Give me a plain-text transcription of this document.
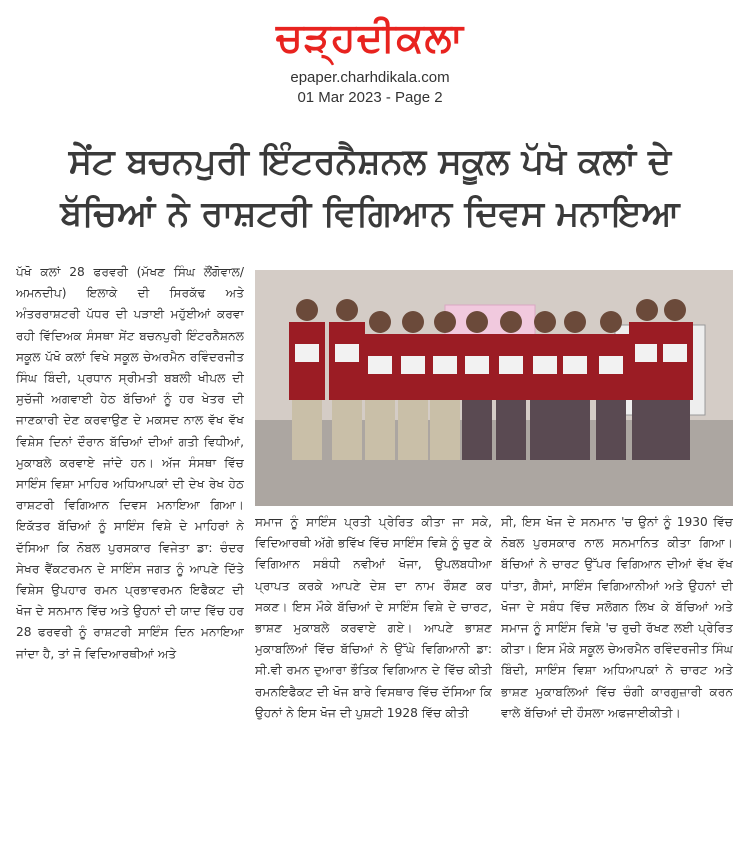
ਚੜ੍ਹਦੀਕਲਾ
epaper.charhdikala.com
01 Mar 2023 - Page 2
ਸੇਂਟ ਬਚਨਪੁਰੀ ਇੰਟਰਨੈਸ਼ਨਲ ਸਕੂਲ ਪੱਖੋ ਕਲਾਂ ਦੇ
ਬੱਚਿਆਂ ਨੇ ਰਾਸ਼ਟਰੀ ਵਿਗਿਆਨ ਦਿਵਸ ਮਨਾਇਆ
ਪੱਖੋ ਕਲਾਂ 28 ਫਰਵਰੀ (ਮੱਖਣ ਸਿੰਘ ਲੌਂਗੋਵਾਲ/ਅਮਨਦੀਪ) ਇਲਾਕੇ ਦੀ ਸਿਰਕੱਢ ਅਤੇ ਅੰਤਰਰਾਸ਼ਟਰੀ ਪੱਧਰ ਦੀ ਪੜਾਈ ਮਹੁੱਈਆਂ ਕਰਵਾ ਰਹੀ ਵਿੱਦਿਅਕ ਸੰਸਥਾ ਸੇਂਟ ਬਚਨਪੁਰੀ ਇੰਟਰਨੈਸ਼ਨਲ ਸਕੂਲ ਪੱਖੋ ਕਲਾਂ ਵਿਖੇ ਸਕੂਲ ਚੇਅਰਮੈਨ ਰਵਿੰਦਰਜੀਤ ਸਿੰਘ ਬਿੰਦੀ, ਪ੍ਰਧਾਨ ਸ੍ਰੀਮਤੀ ਬਬਲੀ ਖੀਪਲ ਦੀ ਸੁਚੱਜੀ ਅਗਵਾਈ ਹੇਠ ਬੱਚਿਆਂ ਨੂੰ ਹਰ ਖੇਤਰ ਦੀ ਜਾਣਕਾਰੀ ਦੇਣ ਕਰਵਾਉਣ ਦੇ ਮਕਸਦ ਨਾਲ ਵੱਖ ਵੱਖ ਵਿਸ਼ੇਸ ਦਿਨਾਂ ਦੌਰਾਨ ਬੱਚਿਆਂ ਦੀਆਂ ਗਤੀ ਵਿਧੀਆਂ, ਮੁਕਾਬਲੇ ਕਰਵਾਏ ਜਾਂਦੇ ਹਨ। ਅੱਜ ਸੰਸਥਾ ਵਿੱਚ ਸਾਇੰਸ ਵਿਸ਼ਾ ਮਾਹਿਰ ਅਧਿਆਪਕਾਂ ਦੀ ਦੇਖ ਰੇਖ ਹੇਠ ਰਾਸ਼ਟਰੀ ਵਿਗਿਆਨ ਦਿਵਸ ਮਨਾਇਆ ਗਿਆ। ਇਕੱਤਰ ਬੱਚਿਆਂ ਨੂੰ ਸਾਇੰਸ ਵਿਸ਼ੇ ਦੇ ਮਾਹਿਰਾਂ ਨੇ ਦੱਸਿਆ ਕਿ ਨੋਬਲ ਪੁਰਸਕਾਰ ਵਿਜੇਤਾ ਡਾ: ਚੰਦਰ ਸੇਖਰ ਵੈਂਕਟਰਮਨ ਦੇ ਸਾਇੰਸ ਜਗਤ ਨੂੰ ਆਪਣੇ ਦਿੱਤੇ ਵਿਸ਼ੇਸ ਉਪਹਾਰ ਰਮਨ ਪ੍ਰਭਾਵਰਮਨ ਇਫੈਕਟ ਦੀ ਖੋਜ ਦੇ ਸਨਮਾਨ ਵਿੱਚ ਅਤੇ ਉਹਨਾਂ ਦੀ ਯਾਦ ਵਿੱਚ ਹਰ 28 ਫਰਵਰੀ ਨੂੰ ਰਾਸ਼ਟਰੀ ਸਾਇੰਸ ਦਿਨ ਮਨਾਇਆ ਜਾਂਦਾ ਹੈ, ਤਾਂ ਜੋ ਵਿਦਿਆਰਥੀਆਂ ਅਤੇ
ਸਮਾਜ ਨੂੰ ਸਾਇੰਸ ਪ੍ਰਤੀ ਪ੍ਰੇਰਿਤ ਕੀਤਾ ਜਾ ਸਕੇ, ਵਿਦਿਆਰਥੀ ਅੱਗੇ ਭਵਿੱਖ ਵਿੱਚ ਸਾਇੰਸ ਵਿਸ਼ੇ ਨੂੰ ਚੁਣ ਕੇ ਵਿਗਿਆਨ ਸਬੰਧੀ ਨਵੀਆਂ ਖੋਜਾ, ਉਪਲਬਧੀਆ ਪ੍ਰਾਪਤ ਕਰਕੇ ਆਪਣੇ ਦੇਸ਼ ਦਾ ਨਾਮ ਰੌਸ਼ਣ ਕਰ ਸਕਣ। ਇਸ ਮੌਕੇ ਬੱਚਿਆਂ ਦੇ ਸਾਇੰਸ ਵਿਸ਼ੇ ਦੇ ਚਾਰਟ, ਭਾਸ਼ਣ ਮੁਕਾਬਲੇ ਕਰਵਾਏ ਗਏ। ਆਪਣੇ ਭਾਸ਼ਣ ਮੁਕਾਬਲਿਆਂ ਵਿੱਚ ਬੱਚਿਆਂ ਨੇ ਉੱਘੇ ਵਿਗਿਆਨੀ ਡਾ: ਸੀ.ਵੀ ਰਮਨ ਦੁਆਰਾ ਭੌਤਿਕ ਵਿਗਿਆਨ ਦੇ ਵਿੱਚ ਕੀਤੀ ਰਮਨਇਫੈਕਟ ਦੀ ਖੋਜ ਬਾਰੇ ਵਿਸਥਾਰ ਵਿੱਚ ਦੱਸਿਆ ਕਿ ਉਹਨਾਂ ਨੇ ਇਸ ਖੋਜ ਦੀ ਪੁਸ਼ਟੀ 1928 ਵਿੱਚ ਕੀਤੀ
ਸੀ, ਇਸ ਖੋਜ ਦੇ ਸਨਮਾਨ 'ਚ ਉਨਾਂ ਨੂੰ 1930 ਵਿੱਚ ਨੋਬਲ ਪੁਰਸਕਾਰ ਨਾਲ ਸਨਮਾਨਿਤ ਕੀਤਾ ਗਿਆ। ਬੱਚਿਆਂ ਨੇ ਚਾਰਟ ਉੱਪਰ ਵਿਗਿਆਨ ਦੀਆਂ ਵੱਖ ਵੱਖ ਧਾਂਤਾ, ਗੈਸਾਂ, ਸਾਇੰਸ ਵਿਗਿਆਨੀਆਂ ਅਤੇ ਉਹਨਾਂ ਦੀ ਖੋਜਾ ਦੇ ਸਬੰਧ ਵਿੱਚ ਸਲੋਗਨ ਲਿਖ ਕੇ ਬੱਚਿਆਂ ਅਤੇ ਸਮਾਜ ਨੂੰ ਸਾਇੰਸ ਵਿਸ਼ੇ 'ਚ ਰੁਚੀ ਰੱਖਣ ਲਈ ਪ੍ਰੇਰਿਤ ਕੀਤਾ। ਇਸ ਮੌਕੇ ਸਕੂਲ ਚੇਅਰਮੈਨ ਰਵਿੰਦਰਜੀਤ ਸਿੰਘ ਬਿੰਦੀ, ਸਾਇੰਸ ਵਿਸ਼ਾ ਅਧਿਆਪਕਾਂ ਨੇ ਚਾਰਟ ਅਤੇ ਭਾਸ਼ਣ ਮੁਕਾਬਲਿਆਂ ਵਿੱਚ ਚੰਗੀ ਕਾਰਗੁਜ਼ਾਰੀ ਕਰਨ ਵਾਲੇ ਬੱਚਿਆਂ ਦੀ ਹੌਸਲਾ ਅਫਜਾਈਕੀਤੀ।
